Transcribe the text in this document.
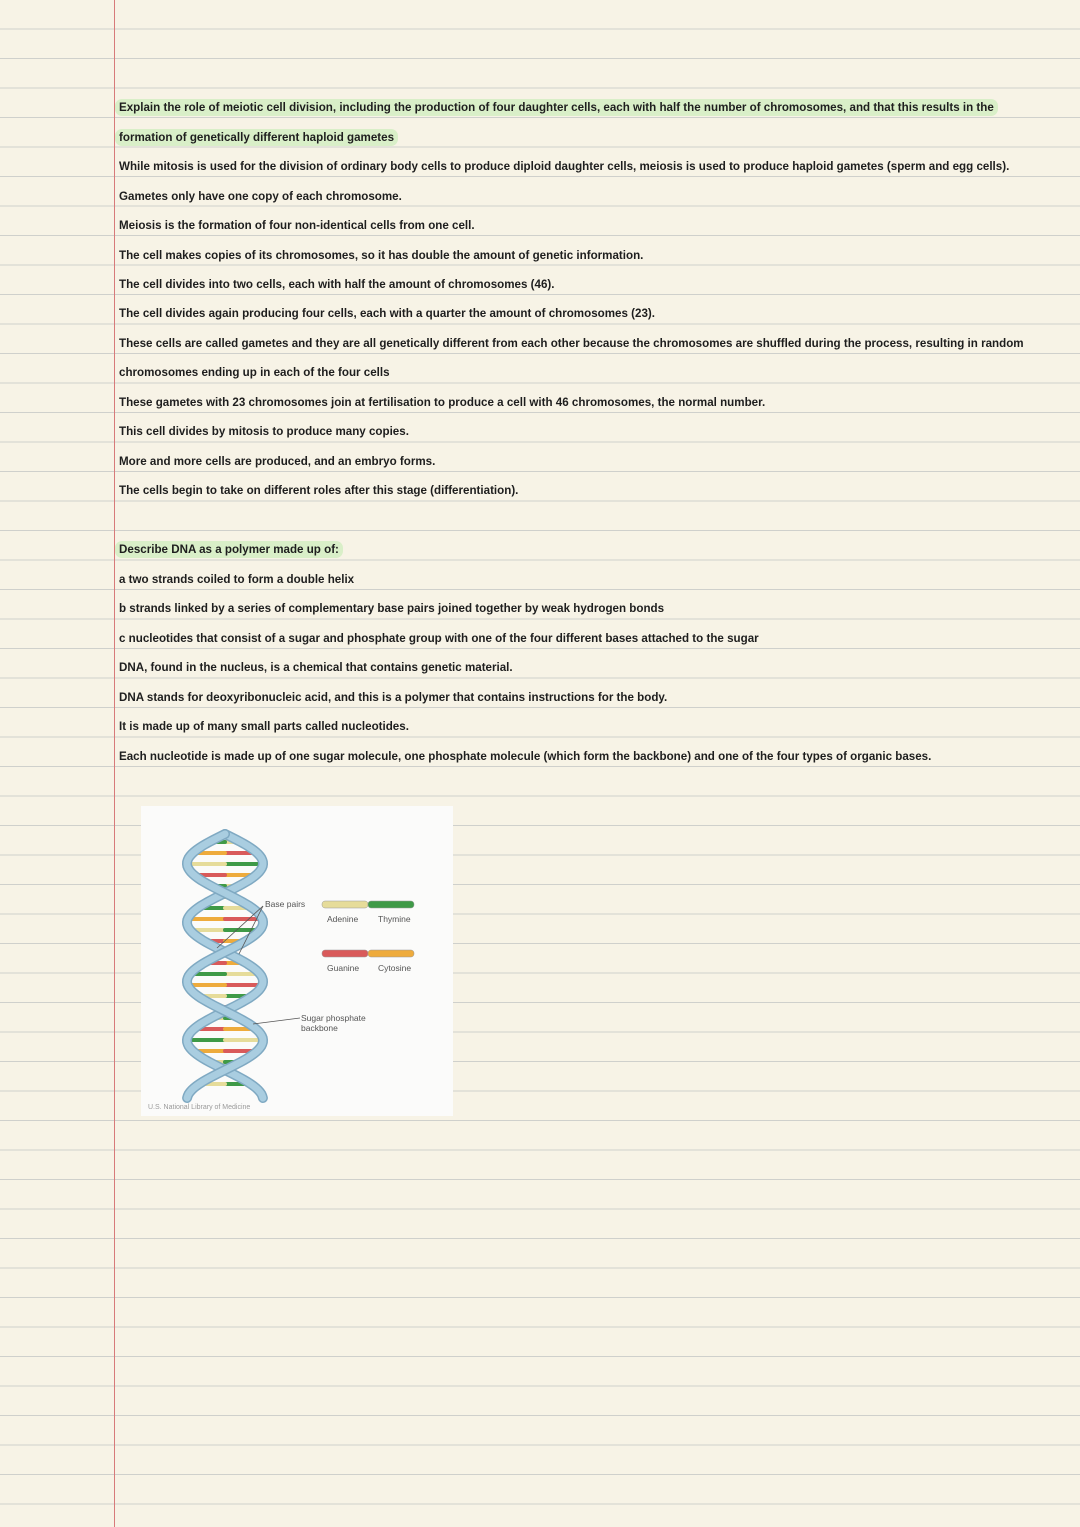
Explain the role of meiotic cell division, including the production of four daughter cells, each with half the number of chromosomes, and that this results in the
formation of genetically different haploid gametes
While mitosis is used for the division of ordinary body cells to produce diploid daughter cells, meiosis is used to produce haploid gametes (sperm and egg cells).
Gametes only have one copy of each chromosome.
Meiosis is the formation of four non-identical cells from one cell.
The cell makes copies of its chromosomes, so it has double the amount of genetic information.
The cell divides into two cells, each with half the amount of chromosomes (46).
The cell divides again producing four cells, each with a quarter the amount of chromosomes (23).
These cells are called gametes and they are all genetically different from each other because the chromosomes are shuffled during the process, resulting in random
chromosomes ending up in each of the four cells
These gametes with 23 chromosomes join at fertilisation to produce a cell with 46 chromosomes, the normal number.
This cell divides by mitosis to produce many copies.
More and more cells are produced, and an embryo forms.
The cells begin to take on different roles after this stage (differentiation).
Describe DNA as a polymer made up of:
a two strands coiled to form a double helix
b strands linked by a series of complementary base pairs joined together by weak hydrogen bonds
c nucleotides that consist of a sugar and phosphate group with one of the four different bases attached to the sugar
DNA, found in the nucleus, is a chemical that contains genetic material.
DNA stands for deoxyribonucleic acid, and this is a polymer that contains instructions for the body.
It is made up of many small parts called nucleotides.
Each nucleotide is made up of one sugar molecule, one phosphate molecule (which form the backbone) and one of the four types of organic bases.
Base pairs
Adenine Thymine
Guanine Cytosine
Sugar phosphate
backbone
U.S. National Library of Medicine
